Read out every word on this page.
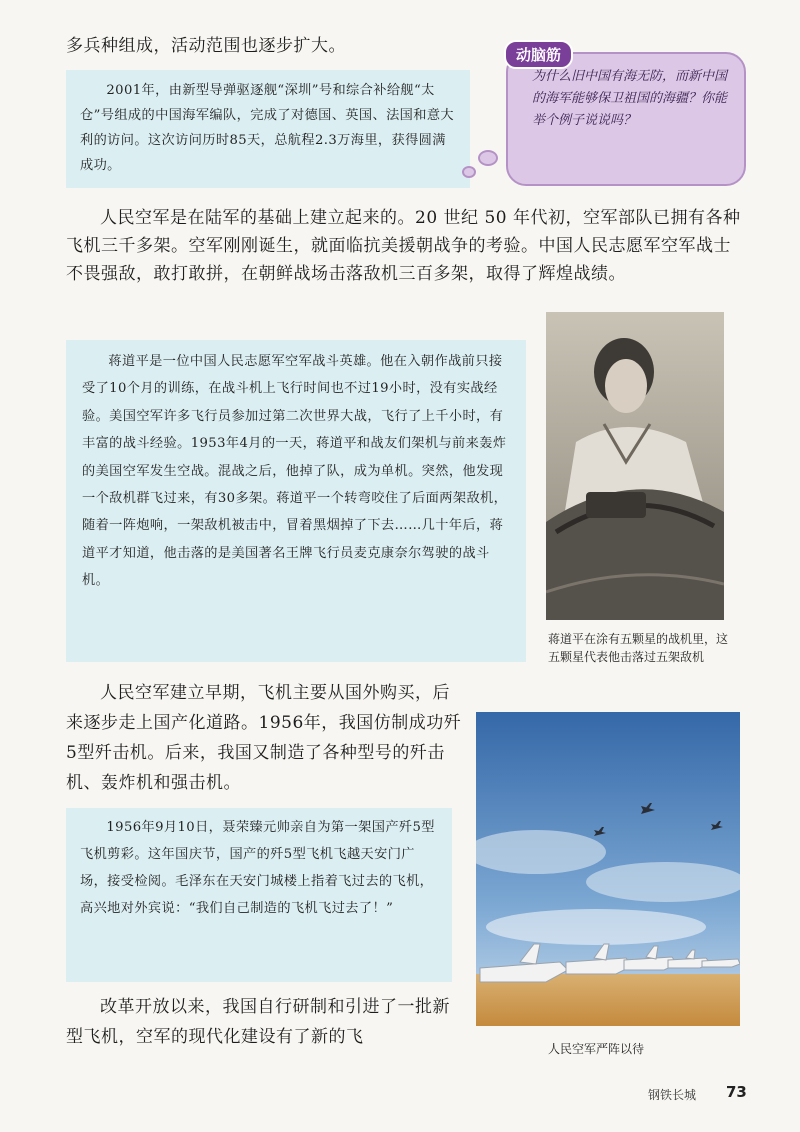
多兵种组成，活动范围也逐步扩大。

2001年，由新型导弹驱逐舰“深圳”号和综合补给舰“太仓”号组成的中国海军编队，完成了对德国、英国、法国和意大利的访问。这次访问历时85天，总航程2.3万海里，获得圆满成功。

动脑筋
为什么旧中国有海无防，而新中国的海军能够保卫祖国的海疆？你能举个例子说说吗？

人民空军是在陆军的基础上建立起来的。20 世纪 50 年代初，空军部队已拥有各种飞机三千多架。空军刚刚诞生，就面临抗美援朝战争的考验。中国人民志愿军空军战士不畏强敌，敢打敢拼，在朝鲜战场击落敌机三百多架，取得了辉煌战绩。

蒋道平是一位中国人民志愿军空军战斗英雄。他在入朝作战前只接受了10个月的训练，在战斗机上飞行时间也不过19小时，没有实战经验。美国空军许多飞行员参加过第二次世界大战，飞行了上千小时，有丰富的战斗经验。1953年4月的一天，蒋道平和战友们架机与前来轰炸的美国空军发生空战。混战之后，他掉了队，成为单机。突然，他发现一个敌机群飞过来，有30多架。蒋道平一个转弯咬住了后面两架敌机，随着一阵炮响，一架敌机被击中，冒着黑烟掉了下去……几十年后，蒋道平才知道，他击落的是美国著名王牌飞行员麦克康奈尔驾驶的战斗机。

蒋道平在涂有五颗星的战机里，这五颗星代表他击落过五架敌机

人民空军建立早期，飞机主要从国外购买，后来逐步走上国产化道路。1956年，我国仿制成功歼5型歼击机。后来，我国又制造了各种型号的歼击机、轰炸机和强击机。

1956年9月10日，聂荣臻元帅亲自为第一架国产歼5型飞机剪彩。这年国庆节，国产的歼5型飞机飞越天安门广场，接受检阅。毛泽东在天安门城楼上指着飞过去的飞机，高兴地对外宾说：“我们自己制造的飞机飞过去了！”

人民空军严阵以待

改革开放以来，我国自行研制和引进了一批新型飞机，空军的现代化建设有了新的飞

钢铁长城 73
